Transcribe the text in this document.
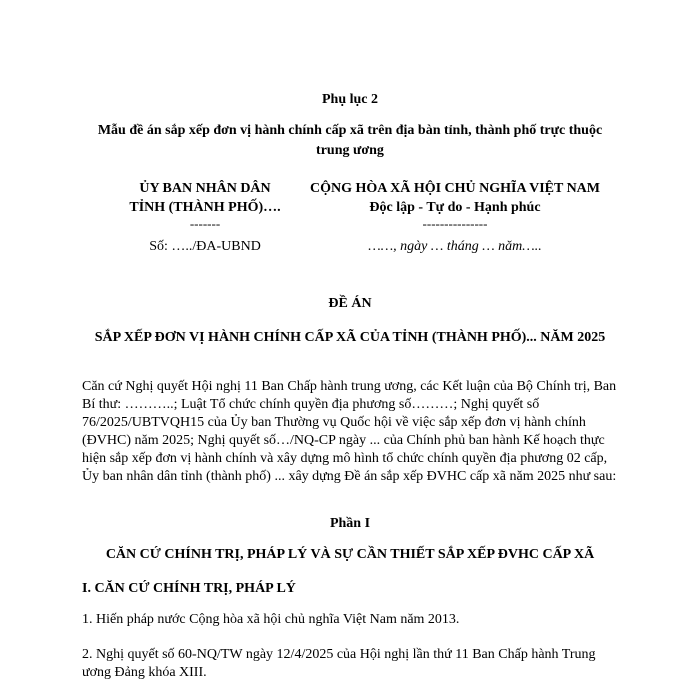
Phụ lục 2

Mẫu đề án sắp xếp đơn vị hành chính cấp xã trên địa bàn tỉnh, thành phố trực thuộc trung ương

ỦY BAN NHÂN DÂN
TỈNH (THÀNH PHỐ)….
-------
CỘNG HÒA XÃ HỘI CHỦ NGHĨA VIỆT NAM
Độc lập - Tự do - Hạnh phúc
---------------
Số: …../ĐA-UBND	……, ngày … tháng … năm…..

ĐỀ ÁN

SẮP XẾP ĐƠN VỊ HÀNH CHÍNH CẤP XÃ CỦA TỈNH (THÀNH PHỐ)... NĂM 2025

Căn cứ Nghị quyết Hội nghị 11 Ban Chấp hành trung ương, các Kết luận của Bộ Chính trị, Ban Bí thư: ………..; Luật Tổ chức chính quyền địa phương số………; Nghị quyết số 76/2025/UBTVQH15 của Ủy ban Thường vụ Quốc hội về việc sắp xếp đơn vị hành chính (ĐVHC) năm 2025; Nghị quyết số…/NQ-CP ngày ... của Chính phủ ban hành Kế hoạch thực hiện sắp xếp đơn vị hành chính và xây dựng mô hình tổ chức chính quyền địa phương 02 cấp, Ủy ban nhân dân tỉnh (thành phố) ... xây dựng Đề án sắp xếp ĐVHC cấp xã năm 2025 như sau:

Phần I

CĂN CỨ CHÍNH TRỊ, PHÁP LÝ VÀ SỰ CẦN THIẾT SẮP XẾP ĐVHC CẤP XÃ

I. CĂN CỨ CHÍNH TRỊ, PHÁP LÝ

1. Hiến pháp nước Cộng hòa xã hội chủ nghĩa Việt Nam năm 2013.

2. Nghị quyết số 60-NQ/TW ngày 12/4/2025 của Hội nghị lần thứ 11 Ban Chấp hành Trung ương Đảng khóa XIII.
